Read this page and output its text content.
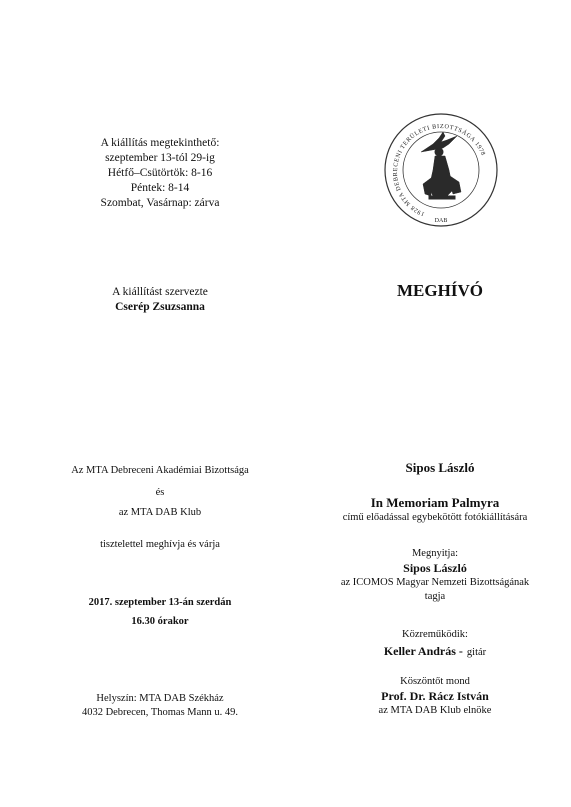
A kiállítás megtekinthető:
szeptember 13-tól 29-ig
Hétfő–Csütörtök: 8-16
Péntek: 8-14
Szombat, Vasárnap: zárva
A kiállítást szervezte
Cserép Zsuzsanna
Az MTA Debreceni Akadémiai Bizottsága
és
az MTA DAB Klub
tisztelettel meghívja és várja
2017. szeptember 13-án szerdán
16.30 órakor
Helyszín: MTA DAB Székház
4032 Debrecen, Thomas Mann u. 49.
1928 MTA DEBRECENI TERÜLETI BIZOTTSÁGA 1978
DAB
MEGHÍVÓ
Sipos László
In Memoriam Palmyra
című előadással egybekötött fotókiállítására
Megnyitja:
Sipos László
az ICOMOS Magyar Nemzeti Bizottságának
tagja
Közreműködik:
Keller András - gitár
Köszöntőt mond
Prof. Dr. Rácz István
az MTA DAB Klub elnöke
